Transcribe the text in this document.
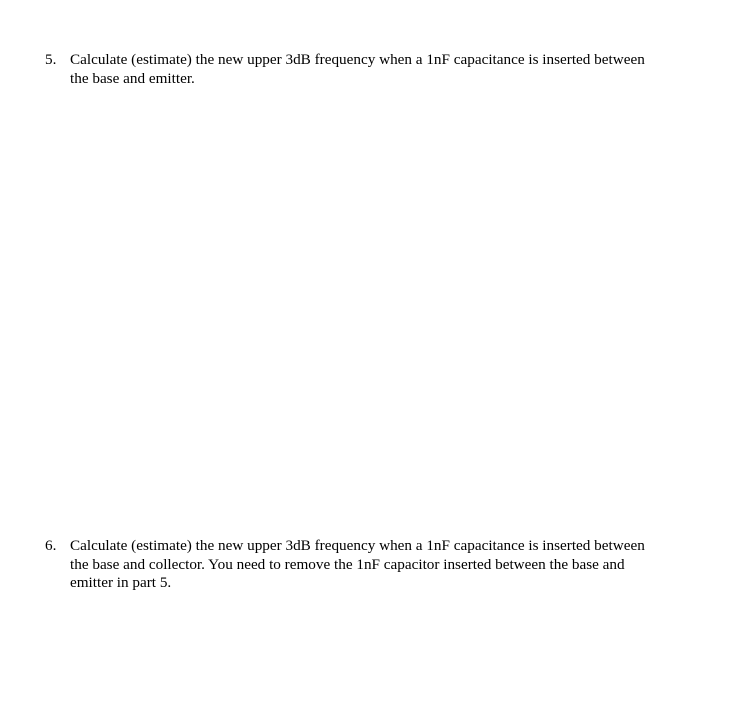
5. Calculate (estimate) the new upper 3dB frequency when a 1nF capacitance is inserted between
the base and emitter.
6. Calculate (estimate) the new upper 3dB frequency when a 1nF capacitance is inserted between
the base and collector. You need to remove the 1nF capacitor inserted between the base and
emitter in part 5.
